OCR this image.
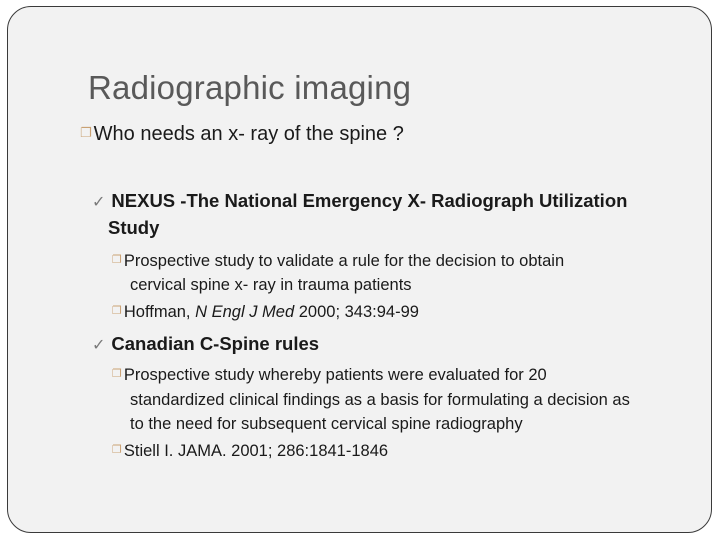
Radiographic imaging
❐ Who needs an x- ray of the spine ?
✓ NEXUS -The National Emergency X- Radiograph Utilization
Study
❐ Prospective study to validate a rule for the decision to obtain
cervical spine x- ray in trauma patients
❐ Hoffman, N Engl J Med 2000; 343:94-99
✓ Canadian C-Spine rules
❐ Prospective study whereby patients were evaluated for 20
standardized clinical findings as a basis for formulating a decision as
to the need for subsequent cervical spine radiography
❐ Stiell I. JAMA. 2001; 286:1841-1846
